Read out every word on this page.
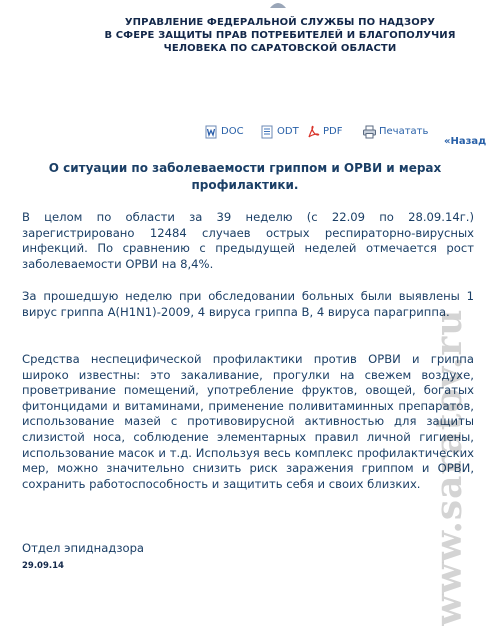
УПРАВЛЕНИЕ ФЕДЕРАЛЬНОЙ СЛУЖБЫ ПО НАДЗОРУ
В СФЕРЕ ЗАЩИТЫ ПРАВ ПОТРЕБИТЕЛЕЙ И БЛАГОПОЛУЧИЯ
ЧЕЛОВЕКА ПО САРАТОВСКОЙ ОБЛАСТИ
DOC	ODT PDF	Печатать
«Назад
О ситуации по заболеваемости гриппом и ОРВИ и мерах
профилактики.
В целом по области за 39 неделю (с 22.09 по 28.09.14г.) зарегистрировано 12484 случаев острых респираторно-вирусных инфекций. По сравнению с предыдущей неделей отмечается рост заболеваемости ОРВИ на 8,4%.
За прошедшую неделю при обследовании больных были выявлены 1 вирус гриппа А(H1N1)-2009, 4 вируса гриппа В, 4 вируса парагриппа.
Средства неспецифической профилактики против ОРВИ и гриппа широко известны: это закаливание, прогулки на свежем воздухе, проветривание помещений, употребление фруктов, овощей, богатых фитонцидами и витаминами, применение поливитаминных препаратов, использование мазей с противовирусной активностью для защиты слизистой носа, соблюдение элементарных правил личной гигиены, использование масок и т.д. Используя весь комплекс профилактических мер, можно значительно снизить риск заражения гриппом и ОРВИ, сохранить работоспособность и защитить себя и своих близких.
Отдел эпиднадзора
29.09.14	www.saratov.ru
